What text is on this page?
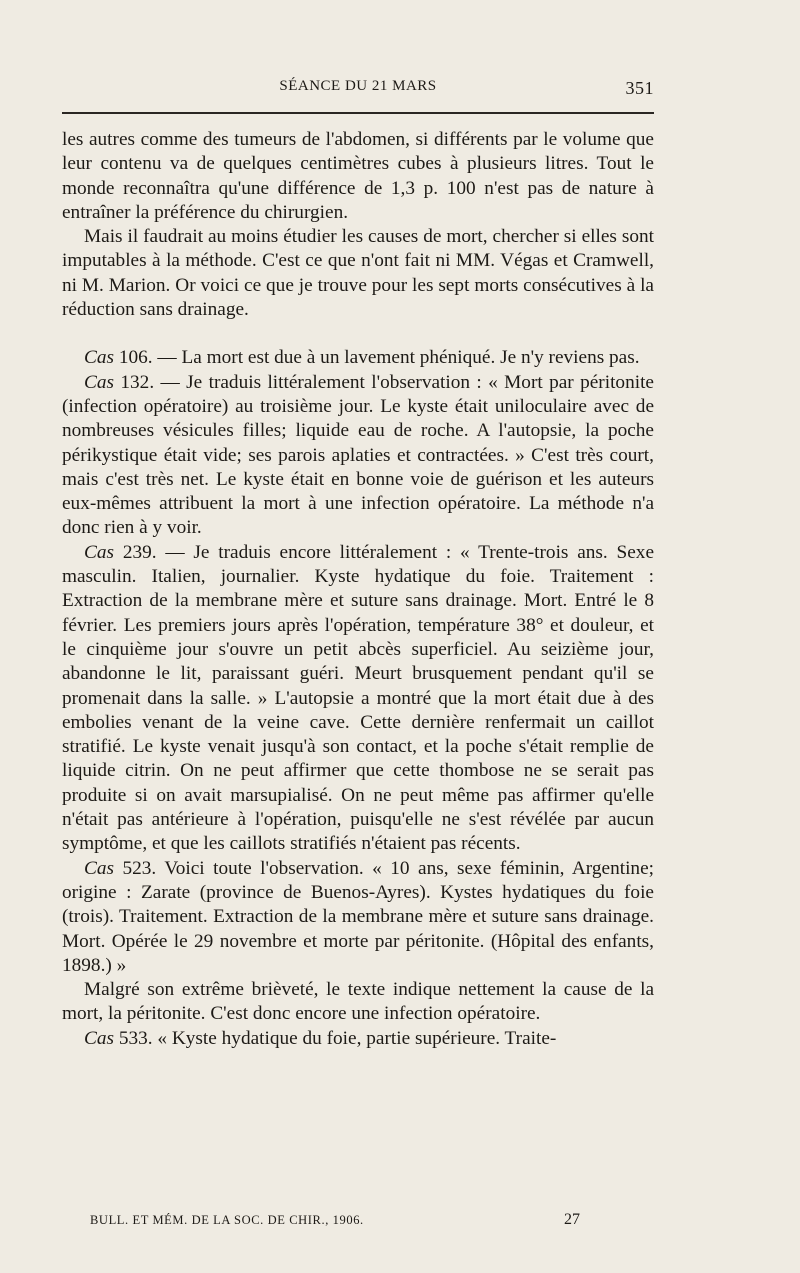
SÉANCE DU 21 MARS	351

les autres comme des tumeurs de l'abdomen, si différents par le volume que leur contenu va de quelques centimètres cubes à plusieurs litres. Tout le monde reconnaîtra qu'une différence de 1,3 p. 100 n'est pas de nature à entraîner la préférence du chirurgien.

Mais il faudrait au moins étudier les causes de mort, chercher si elles sont imputables à la méthode. C'est ce que n'ont fait ni MM. Végas et Cramwell, ni M. Marion. Or voici ce que je trouve pour les sept morts consécutives à la réduction sans drainage.

Cas 106. — La mort est due à un lavement phéniqué. Je n'y reviens pas.

Cas 132. — Je traduis littéralement l'observation : « Mort par péritonite (infection opératoire) au troisième jour. Le kyste était uniloculaire avec de nombreuses vésicules filles; liquide eau de roche. A l'autopsie, la poche périkystique était vide; ses parois aplaties et contractées. » C'est très court, mais c'est très net. Le kyste était en bonne voie de guérison et les auteurs eux-mêmes attribuent la mort à une infection opératoire. La méthode n'a donc rien à y voir.

Cas 239. — Je traduis encore littéralement : « Trente-trois ans. Sexe masculin. Italien, journalier. Kyste hydatique du foie. Traitement : Extraction de la membrane mère et suture sans drainage. Mort. Entré le 8 février. Les premiers jours après l'opération, température 38° et douleur, et le cinquième jour s'ouvre un petit abcès superficiel. Au seizième jour, abandonne le lit, paraissant guéri. Meurt brusquement pendant qu'il se promenait dans la salle. » L'autopsie a montré que la mort était due à des embolies venant de la veine cave. Cette dernière renfermait un caillot stratifié. Le kyste venait jusqu'à son contact, et la poche s'était remplie de liquide citrin. On ne peut affirmer que cette thombose ne se serait pas produite si on avait marsupialisé. On ne peut même pas affirmer qu'elle n'était pas antérieure à l'opération, puisqu'elle ne s'est révélée par aucun symptôme, et que les caillots stratifiés n'étaient pas récents.

Cas 523. Voici toute l'observation. « 10 ans, sexe féminin, Argentine; origine : Zarate (province de Buenos-Ayres). Kystes hydatiques du foie (trois). Traitement. Extraction de la membrane mère et suture sans drainage. Mort. Opérée le 29 novembre et morte par péritonite. (Hôpital des enfants, 1898.) »

Malgré son extrême brièveté, le texte indique nettement la cause de la mort, la péritonite. C'est donc encore une infection opératoire.

Cas 533. « Kyste hydatique du foie, partie supérieure. Traite-

BULL. ET MÉM. DE LA SOC. DE CHIR., 1906.	27
